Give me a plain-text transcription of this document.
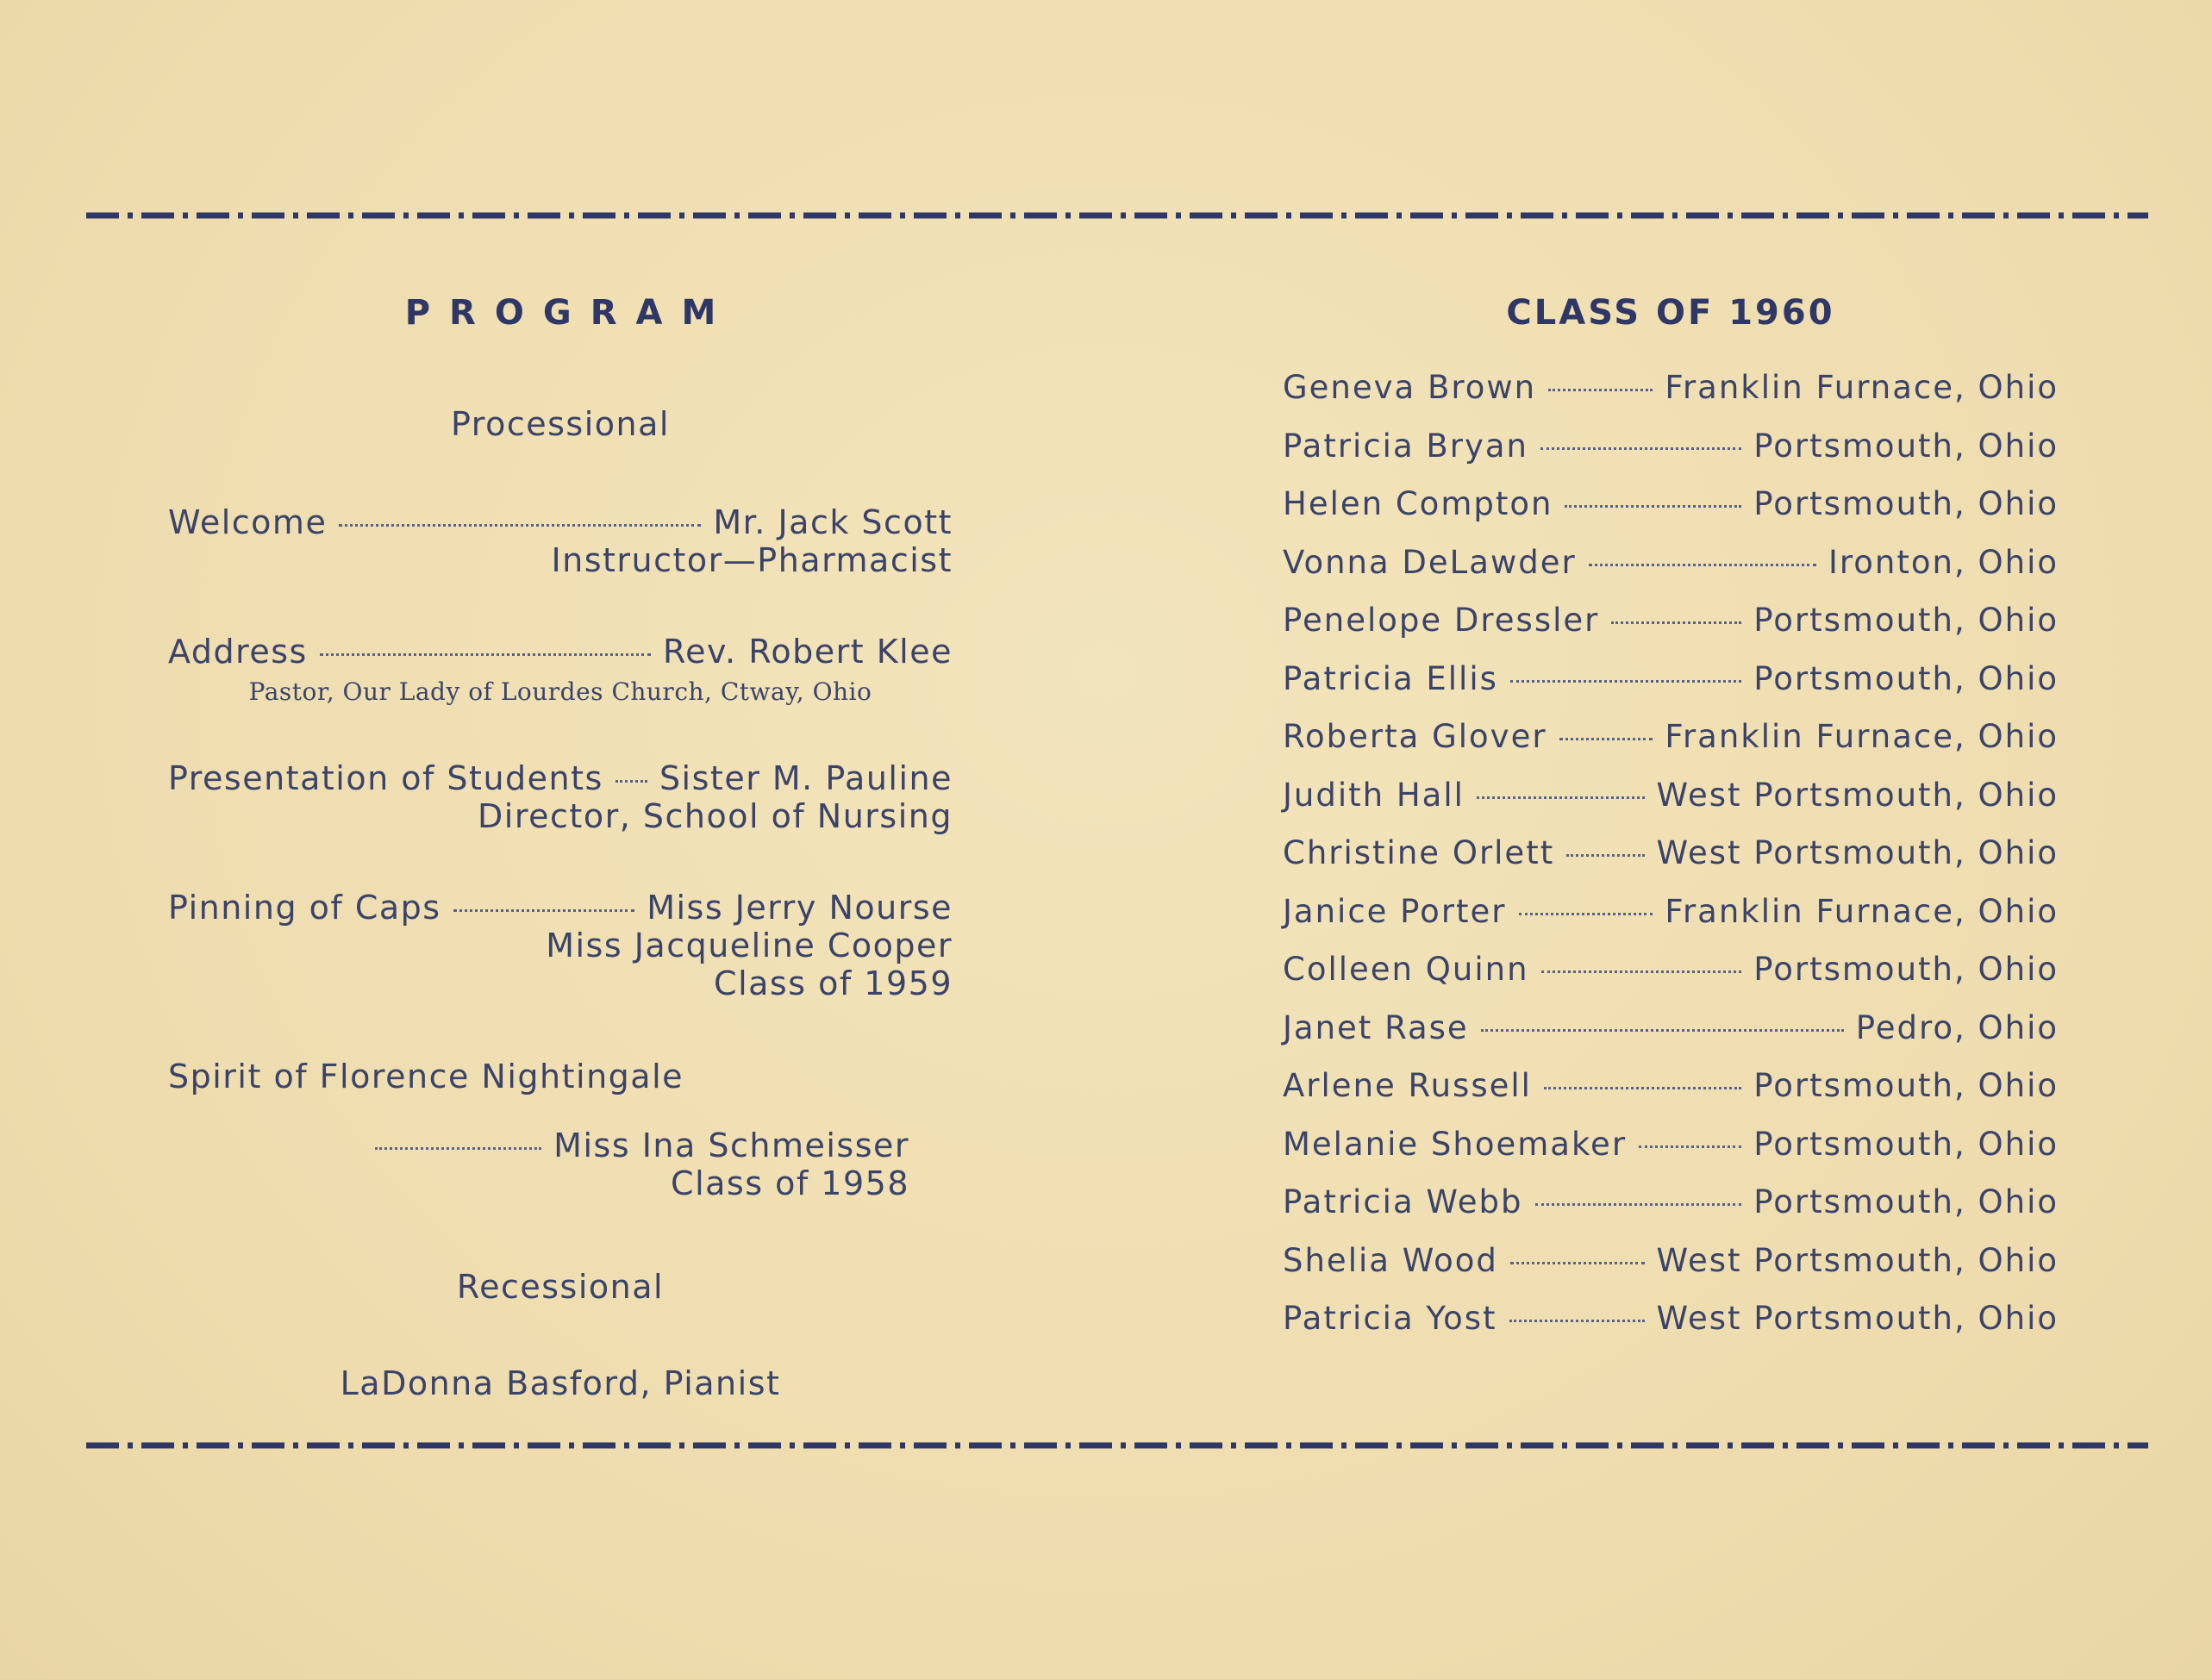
PROGRAM
Processional
Welcome	Mr. Jack Scott
Instructor—Pharmacist
Address	Rev. Robert Klee
Pastor, Our Lady of Lourdes Church, Ctway, Ohio
Presentation of Students Sister M. Pauline
Director, School of Nursing
Pinning of Caps	Miss Jerry Nourse
Miss Jacqueline Cooper
Class of 1959
Spirit of Florence Nightingale
Miss Ina Schmeisser
Class of 1958
Recessional
LaDonna Basford, Pianist
CLASS OF 1960
Geneva Brown	Franklin Furnace, Ohio
Patricia Bryan	Portsmouth, Ohio
Helen Compton	Portsmouth, Ohio
Vonna DeLawder	Ironton, Ohio
Penelope Dressler	Portsmouth, Ohio
Patricia Ellis	Portsmouth, Ohio
Roberta Glover	Franklin Furnace, Ohio
Judith Hall	West Portsmouth, Ohio
Christine Orlett	West Portsmouth, Ohio
Janice Porter	Franklin Furnace, Ohio
Colleen Quinn	Portsmouth, Ohio
Janet Rase	Pedro, Ohio
Arlene Russell	Portsmouth, Ohio
Melanie Shoemaker	Portsmouth, Ohio
Patricia Webb	Portsmouth, Ohio
Shelia Wood	West Portsmouth, Ohio
Patricia Yost	West Portsmouth, Ohio
